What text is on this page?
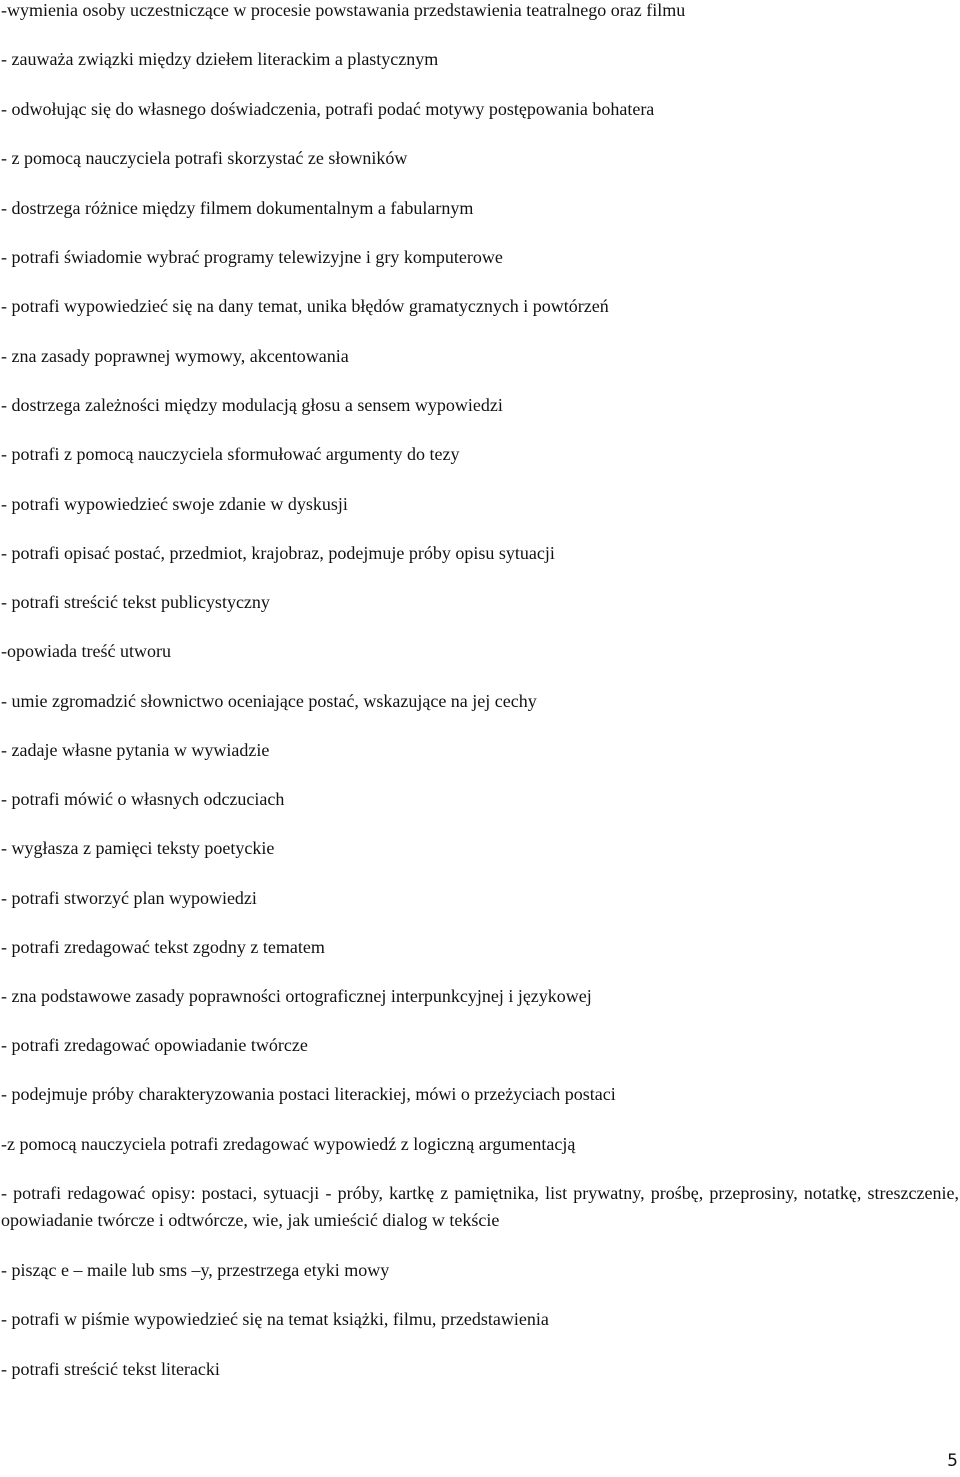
-wymienia osoby uczestniczące w procesie powstawania przedstawienia teatralnego oraz filmu
- zauważa związki między dziełem literackim a plastycznym
- odwołując się do własnego doświadczenia, potrafi podać motywy postępowania bohatera
- z pomocą nauczyciela potrafi skorzystać ze słowników
- dostrzega różnice między filmem dokumentalnym a fabularnym
- potrafi świadomie wybrać programy telewizyjne i gry komputerowe
- potrafi wypowiedzieć się na dany temat, unika błędów gramatycznych i powtórzeń
- zna zasady poprawnej wymowy, akcentowania
- dostrzega zależności między modulacją głosu a sensem wypowiedzi
- potrafi z pomocą nauczyciela sformułować argumenty do tezy
- potrafi wypowiedzieć swoje zdanie w dyskusji
- potrafi opisać postać, przedmiot, krajobraz, podejmuje próby opisu sytuacji
- potrafi streścić tekst publicystyczny
-opowiada treść utworu
- umie zgromadzić słownictwo oceniające postać, wskazujące na jej cechy
- zadaje własne pytania w wywiadzie
- potrafi mówić o własnych odczuciach
- wygłasza z pamięci teksty poetyckie
- potrafi stworzyć plan wypowiedzi
- potrafi zredagować tekst zgodny z tematem
- zna podstawowe zasady poprawności ortograficznej interpunkcyjnej i językowej
- potrafi zredagować opowiadanie twórcze
- podejmuje próby charakteryzowania postaci literackiej, mówi o przeżyciach postaci
-z pomocą nauczyciela potrafi zredagować wypowiedź z logiczną argumentacją
- potrafi redagować opisy: postaci, sytuacji - próby, kartkę z pamiętnika, list prywatny, prośbę, przeprosiny, notatkę, streszczenie, opowiadanie twórcze i odtwórcze, wie, jak umieścić dialog w tekście
- pisząc e – maile lub sms –y, przestrzega etyki mowy
- potrafi w piśmie wypowiedzieć się na temat książki, filmu, przedstawienia
- potrafi streścić tekst literacki
5
